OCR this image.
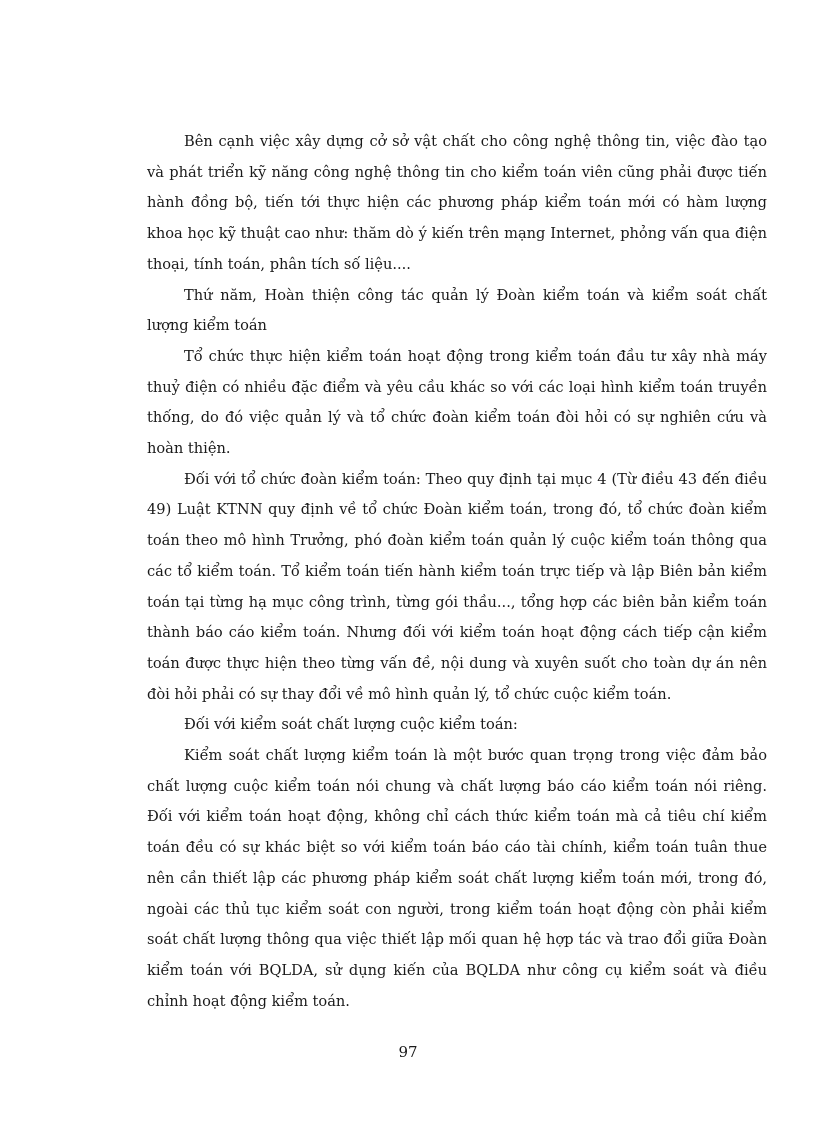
Bên cạnh việc xây dựng cở sở vật chất cho công nghệ thông tin, việc đào tạo và phát triển kỹ năng công nghệ thông tin cho kiểm toán viên cũng phải được tiến hành đồng bộ, tiến tới thực hiện các phương pháp kiểm toán mới có hàm lượng khoa học kỹ thuật cao như: thăm dò ý kiến trên mạng Internet, phỏng vấn qua điện thoại, tính toán, phân tích số liệu....

Thứ năm, Hoàn thiện công tác quản lý Đoàn kiểm toán và kiểm soát chất lượng kiểm toán

Tổ chức thực hiện kiểm toán hoạt động trong kiểm toán đầu tư xây nhà máy thuỷ điện có nhiều đặc điểm và yêu cầu khác so với các loại hình kiểm toán truyền thống, do đó việc quản lý và tổ chức đoàn kiểm toán đòi hỏi có sự nghiên cứu và hoàn thiện.

Đối với tổ chức đoàn kiểm toán: Theo quy định tại mục 4 (Từ điều 43 đến điều 49) Luật KTNN quy định về tổ chức Đoàn kiểm toán, trong đó, tổ chức đoàn kiểm toán theo mô hình Trưởng, phó đoàn kiểm toán quản lý cuộc kiểm toán thông qua các tổ kiểm toán. Tổ kiểm toán tiến hành kiểm toán trực tiếp và lập Biên bản kiểm toán tại từng hạ mục công trình, từng gói thầu..., tổng hợp các biên bản kiểm toán thành báo cáo kiểm toán. Nhưng đối với kiểm toán hoạt động cách tiếp cận kiểm toán được thực hiện theo từng vấn đề, nội dung và xuyên suốt cho toàn dự án nên đòi hỏi phải có sự thay đổi về mô hình quản lý, tổ chức cuộc kiểm toán.

Đối với kiểm soát chất lượng cuộc kiểm toán:

Kiểm soát chất lượng kiểm toán là một bước quan trọng trong việc đảm bảo chất lượng cuộc kiểm toán nói chung và chất lượng báo cáo kiểm toán nói riêng. Đối với kiểm toán hoạt động, không chỉ cách thức kiểm toán mà cả tiêu chí kiểm toán đều có sự khác biệt so với kiểm toán báo cáo tài chính, kiểm toán tuân thue nên cần thiết lập các phương pháp kiểm soát chất lượng kiểm toán mới, trong đó, ngoài các thủ tục kiểm soát con người, trong kiểm toán hoạt động còn phải kiểm soát chất lượng thông qua việc thiết lập mối quan hệ hợp tác và trao đổi giữa Đoàn kiểm toán với BQLDA, sử dụng kiến của BQLDA như công cụ kiểm soát và điều chỉnh hoạt động kiểm toán.

97
